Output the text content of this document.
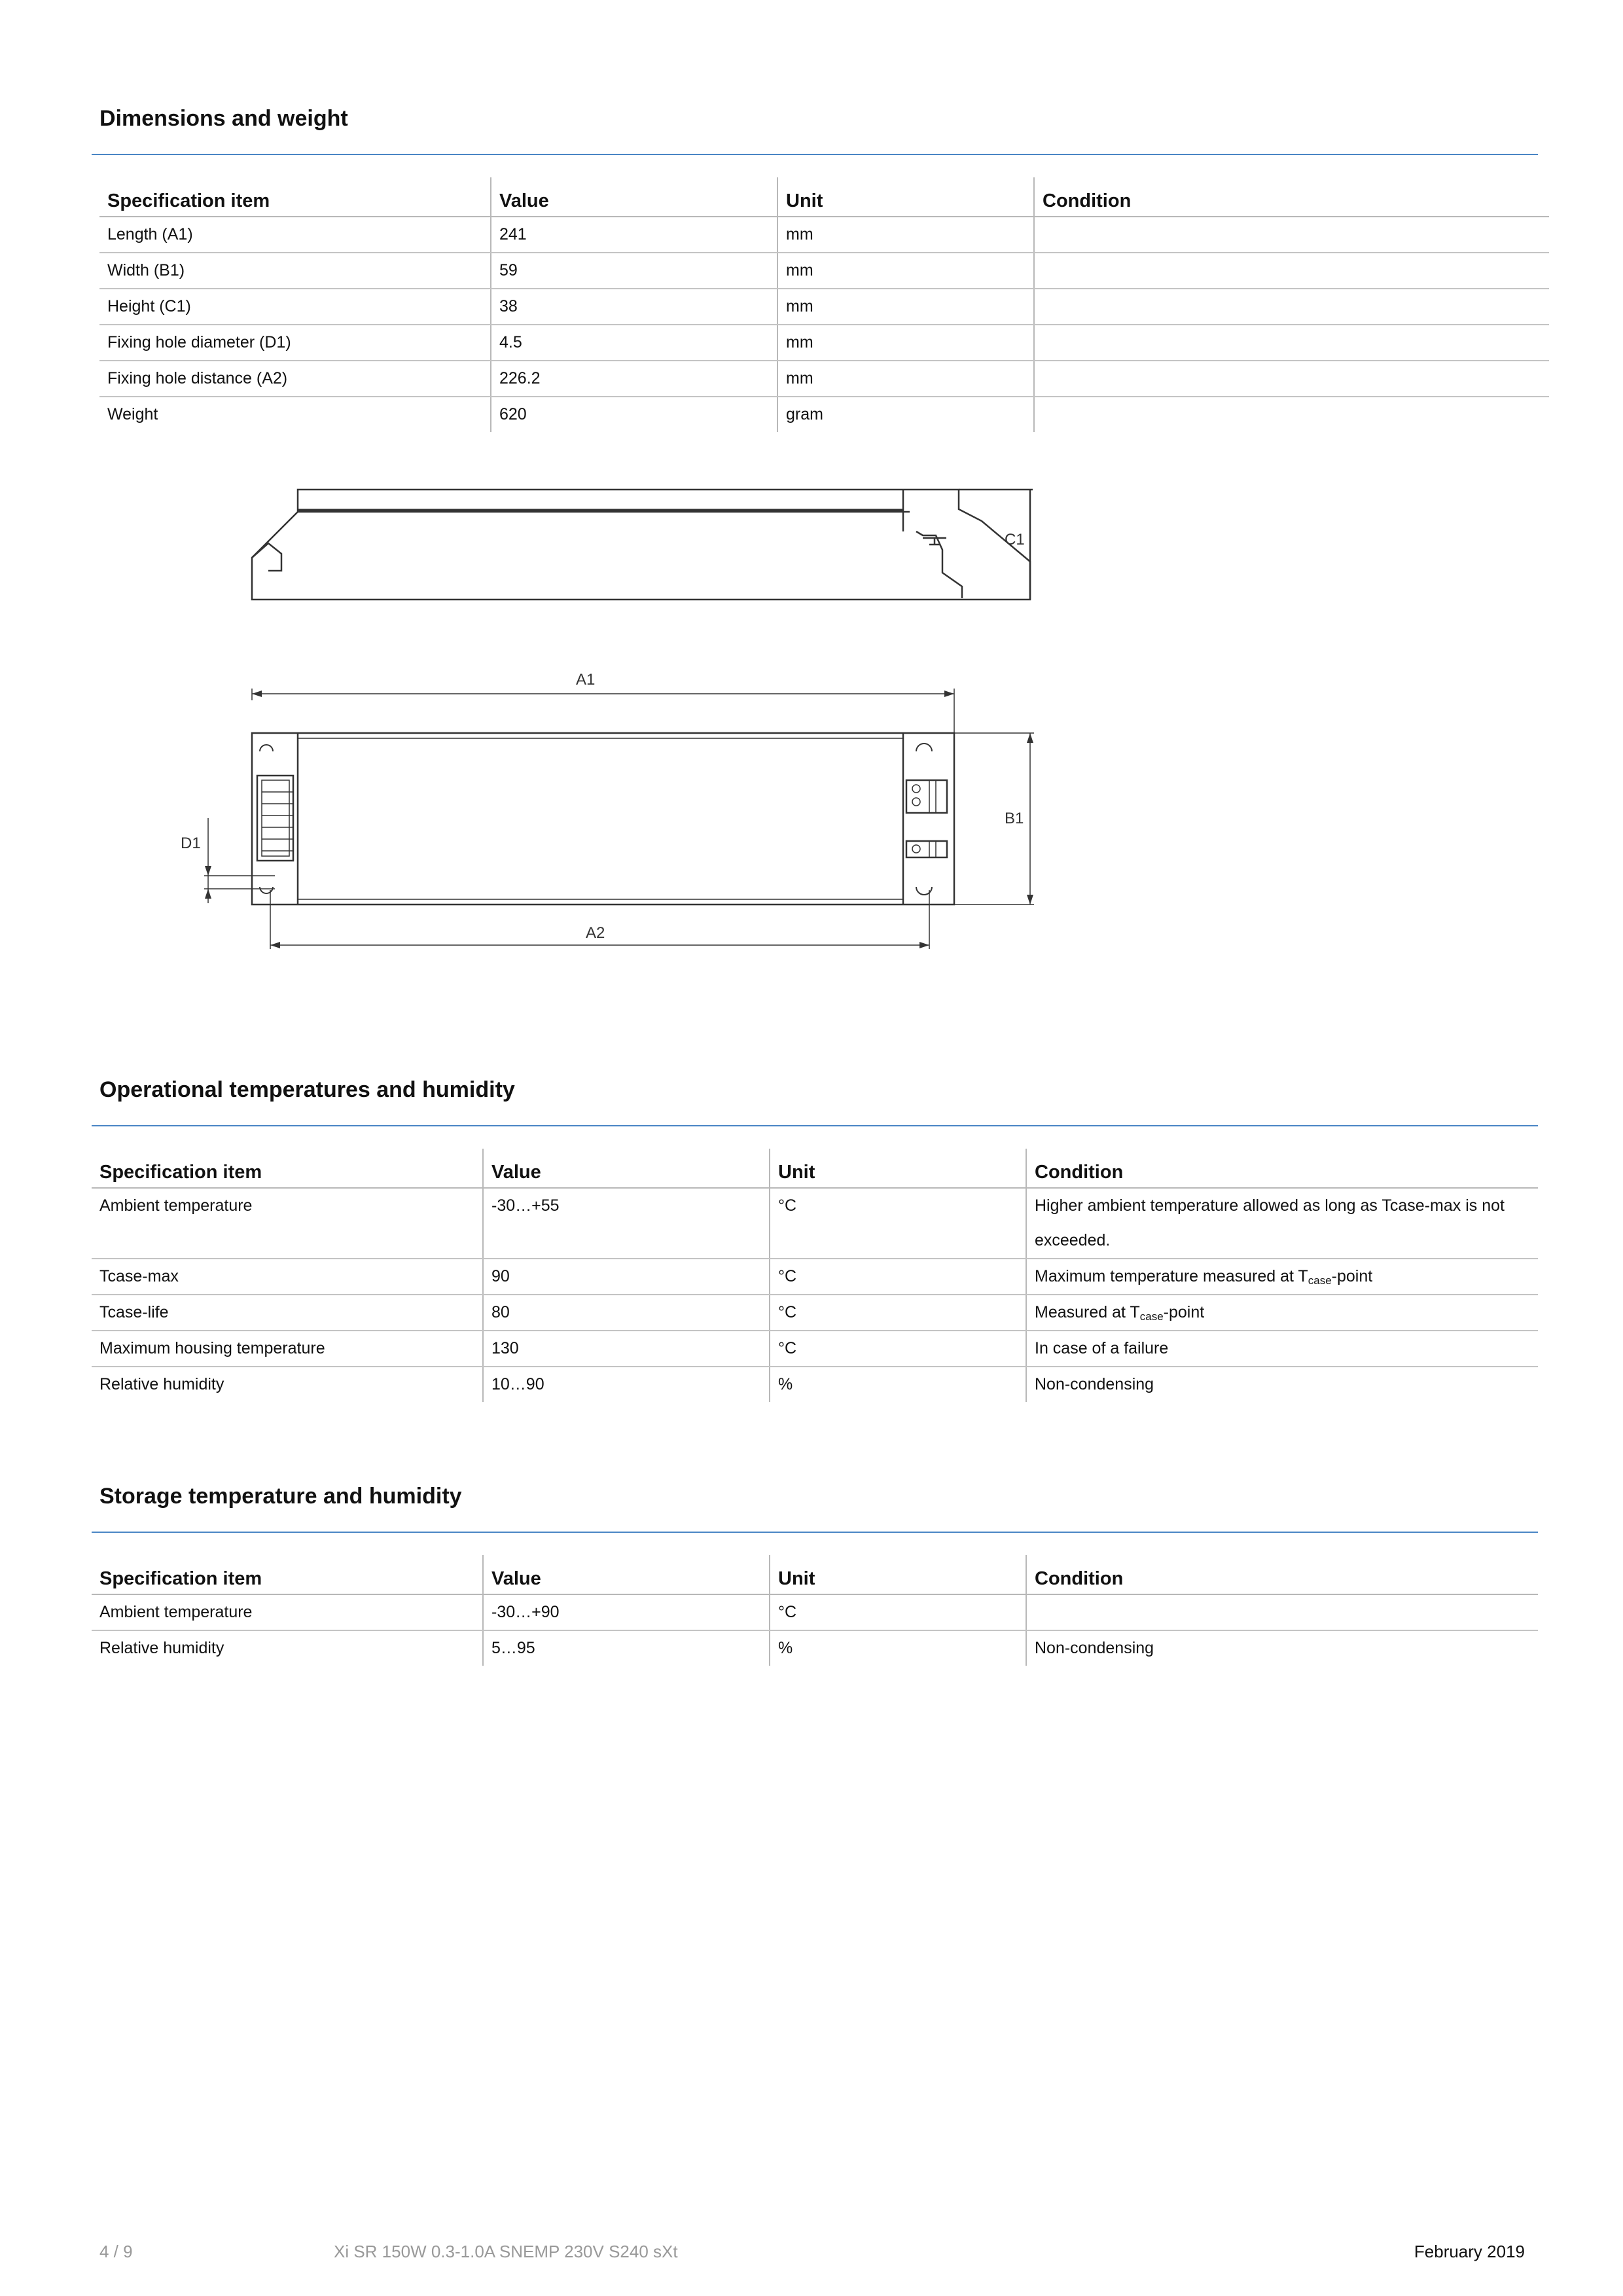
Dimensions and weight
Specification item	Value	Unit	Condition
Length (A1)	241	mm	
Width (B1)	59	mm	
Height (C1)	38	mm	
Fixing hole diameter (D1)	4.5	mm	
Fixing hole distance (A2)	226.2	mm	
Weight	620	gram	
C1
A1
B1
D1
A2
Operational temperatures and humidity
Specification item	Value	Unit	Condition
Ambient temperature	-30…+55	°C	Higher ambient temperature allowed as long as Tcase-max is not exceeded.
Tcase-max	90	°C	Maximum temperature measured at $T_{case}$-point
Tcase-life	80	°C	Measured at $T_{case}$-point
Maximum housing temperature	130	°C	In case of a failure
Relative humidity	10…90	%	Non-condensing
Storage temperature and humidity
Specification item	Value	Unit	Condition
Ambient temperature	-30…+90	°C	
Relative humidity	5…95	%	Non-condensing
4 / 9	Xi SR 150W 0.3-1.0A SNEMP 230V S240 sXt	February 2019
